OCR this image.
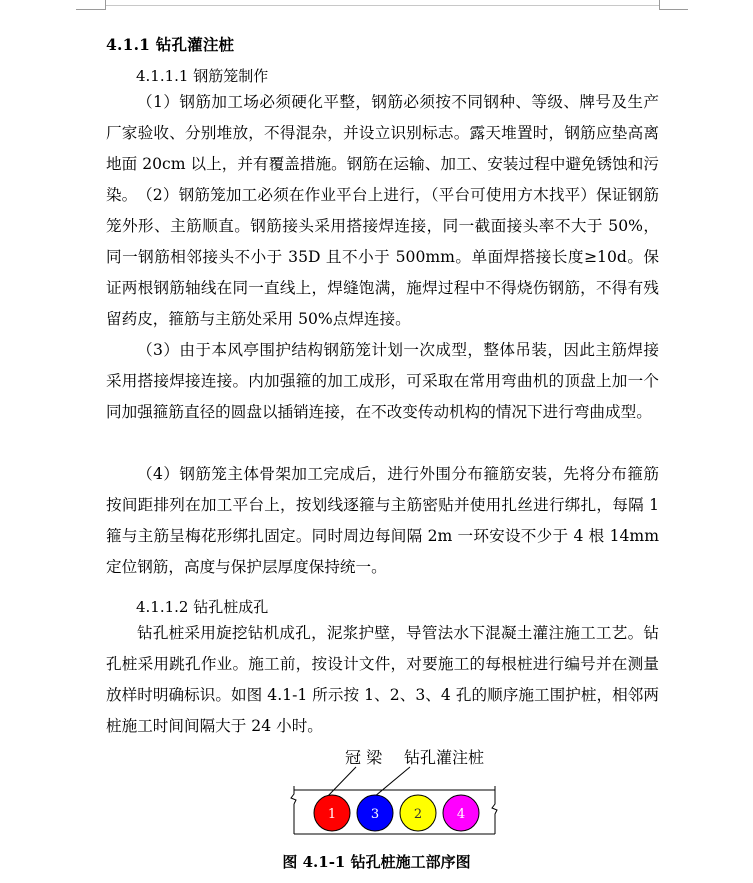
4.1.1 钻孔灌注桩
4.1.1.1 钢筋笼制作

（1）钢筋加工场必须硬化平整，钢筋必须按不同钢种、等级、牌号及生产厂家验收、分别堆放，不得混杂，并设立识别标志。露天堆置时，钢筋应垫高离地面 20cm 以上，并有覆盖措施。钢筋在运输、加工、安装过程中避免锈蚀和污染。 （2）钢筋笼加工必须在作业平台上进行，（平台可使用方木找平）保证钢筋笼外形、主筋顺直。钢筋接头采用搭接焊连接，同一截面接头率不大于 50%，同一钢筋相邻接头不小于 35D 且不小于 500mm。单面焊搭接长度≥10d。保证两根钢筋轴线在同一直线上，焊缝饱满，施焊过程中不得烧伤钢筋，不得有残留药皮，箍筋与主筋处采用 50%点焊连接。

（3）由于本风亭围护结构钢筋笼计划一次成型，整体吊装，因此主筋焊接采用搭接焊接连接。内加强箍的加工成形，可采取在常用弯曲机的顶盘上加一个同加强箍筋直径的圆盘以插销连接，在不改变传动机构的情况下进行弯曲成型。

（4）钢筋笼主体骨架加工完成后，进行外围分布箍筋安装，先将分布箍筋按间距排列在加工平台上，按划线逐箍与主筋密贴并使用扎丝进行绑扎，每隔 1 箍与主筋呈梅花形绑扎固定。同时周边每间隔 2m 一环安设不少于 4 根 14mm 定位钢筋，高度与保护层厚度保持统一。

4.1.1.2 钻孔桩成孔

钻孔桩采用旋挖钻机成孔，泥浆护壁，导管法水下混凝土灌注施工工艺。钻孔桩采用跳孔作业。施工前，按设计文件，对要施工的每根桩进行编号并在测量放样时明确标识。如图 4.1-1 所示按 1、2、3、4 孔的顺序施工围护桩，相邻两桩施工时间间隔大于 24 小时。

冠 梁 钻孔灌注桩
1	3	2	4
图 4.1-1 钻孔桩施工部序图
